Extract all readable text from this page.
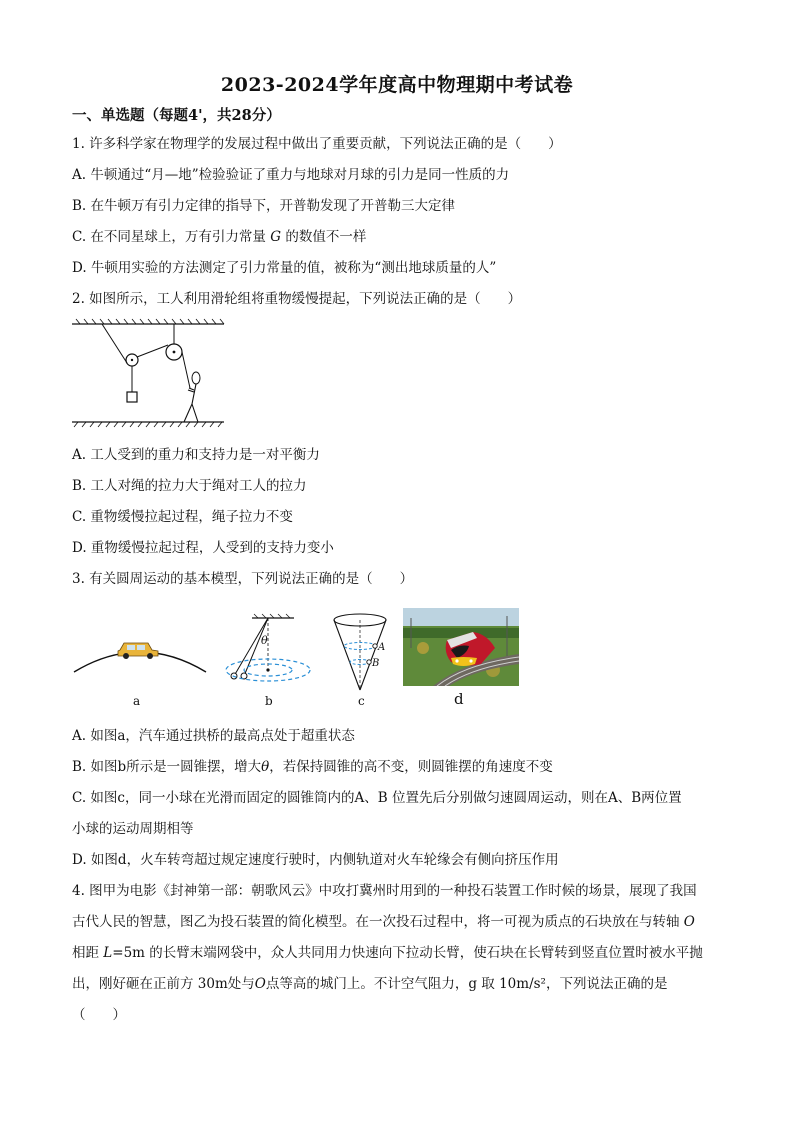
2023-2024学年度高中物理期中考试卷
一、单选题（每题4'，共28分）
1. 许多科学家在物理学的发展过程中做出了重要贡献，下列说法正确的是（　　）
A. 牛顿通过“月—地”检验验证了重力与地球对月球的引力是同一性质的力
B. 在牛顿万有引力定律的指导下，开普勒发现了开普勒三大定律
C. 在不同星球上，万有引力常量 G 的数值不一样
D. 牛顿用实验的方法测定了引力常量的值，被称为“测出地球质量的人”
2. 如图所示，工人利用滑轮组将重物缓慢提起，下列说法正确的是（　　）
A. 工人受到的重力和支持力是一对平衡力
B. 工人对绳的拉力大于绳对工人的拉力
C. 重物缓慢拉起过程，绳子拉力不变
D. 重物缓慢拉起过程，人受到的支持力变小
3. 有关圆周运动的基本模型，下列说法正确的是（　　）
a
θ
b
A
B
c	d
A. 如图a，汽车通过拱桥的最高点处于超重状态
B. 如图b所示是一圆锥摆，增大θ，若保持圆锥的高不变，则圆锥摆的角速度不变
C. 如图c，同一小球在光滑而固定的圆锥筒内的A、B 位置先后分别做匀速圆周运动，则在A、B两位置
小球的运动周期相等
D. 如图d，火车转弯超过规定速度行驶时，内侧轨道对火车轮缘会有侧向挤压作用
4. 图甲为电影《封神第一部：朝歌风云》中攻打冀州时用到的一种投石装置工作时候的场景，展现了我国
古代人民的智慧，图乙为投石装置的简化模型。在一次投石过程中，将一可视为质点的石块放在与转轴 O
相距 L=5m 的长臂末端网袋中，众人共同用力快速向下拉动长臂，使石块在长臂转到竖直位置时被水平抛
出，刚好砸在正前方 30m处与O点等高的城门上。不计空气阻力，g 取 10m/s²，下列说法正确的是
（　　）
